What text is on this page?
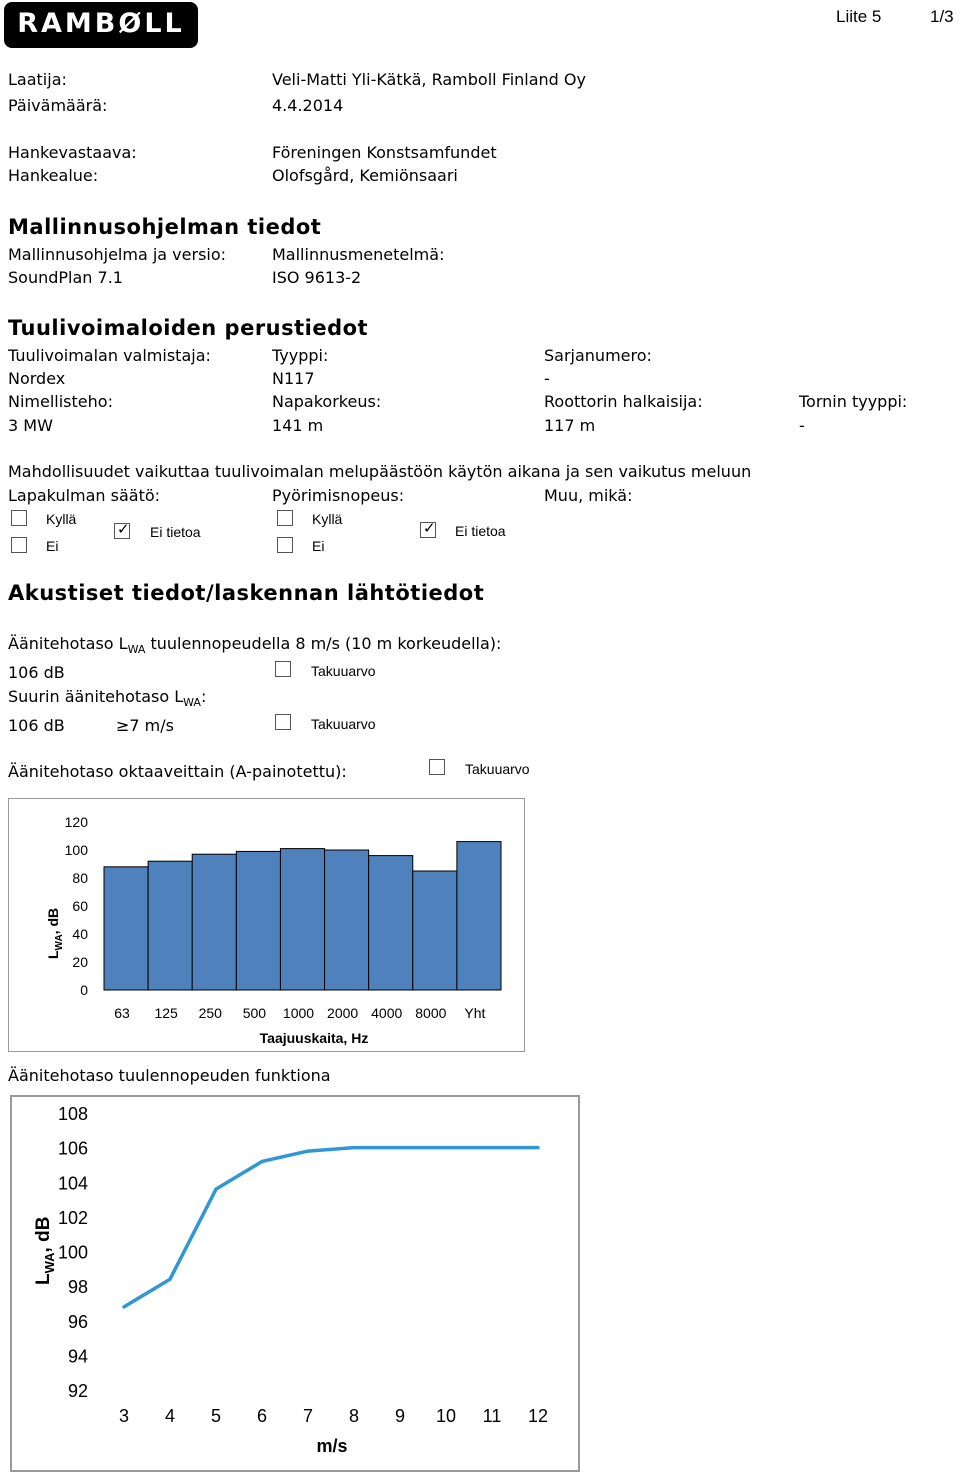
RAMBØLL	Liite 5	1/3
Laatija:	Veli-Matti Yli-Kätkä, Ramboll Finland Oy
Päivämäärä:	4.4.2014
Hankevastaava:	Föreningen Konstsamfundet
Hankealue:	Olofsgård, Kemiönsaari
Mallinnusohjelman tiedot
Mallinnusohjelma ja versio:	Mallinnusmenetelmä:
SoundPlan 7.1	ISO 9613-2
Tuulivoimaloiden perustiedot
Tuulivoimalan valmistaja:	Tyyppi:	Sarjanumero:
Nordex	N117	-
Nimellisteho:	Napakorkeus:	Roottorin halkaisija:	Tornin tyyppi:
3 MW	141 m	117 m	-
Mahdollisuudet vaikuttaa tuulivoimalan melupäästöön käytön aikana ja sen vaikutus meluun
Lapakulman säätö:	Pyörimisnopeus:	Muu, mikä:
Kyllä
Ei
✓ Ei tietoa
Kyllä
Ei
✓ Ei tietoa
Akustiset tiedot/laskennan lähtötiedot
Äänitehotaso $L_{WA}$ tuulennopeudella 8 m/s (10 m korkeudella):
106 dB	Takuuarvo
Suurin äänitehotaso $L_{WA}$:
106 dB	≥7 m/s	Takuuarvo
Äänitehotaso oktaaveittain (A-painotettu):	Takuuarvo
0
20
40
60
80
100
120
63 125 250 500 1000 2000 4000 8000 Yht
Taajuuskaita, Hz
$L_{WA}$, dB
Äänitehotaso tuulennopeuden funktiona
92
94
96
98
100
102
104
106
108
3 4 5 6 7 8 9 10 11 12
m/s
$L_{WA}$, dB
